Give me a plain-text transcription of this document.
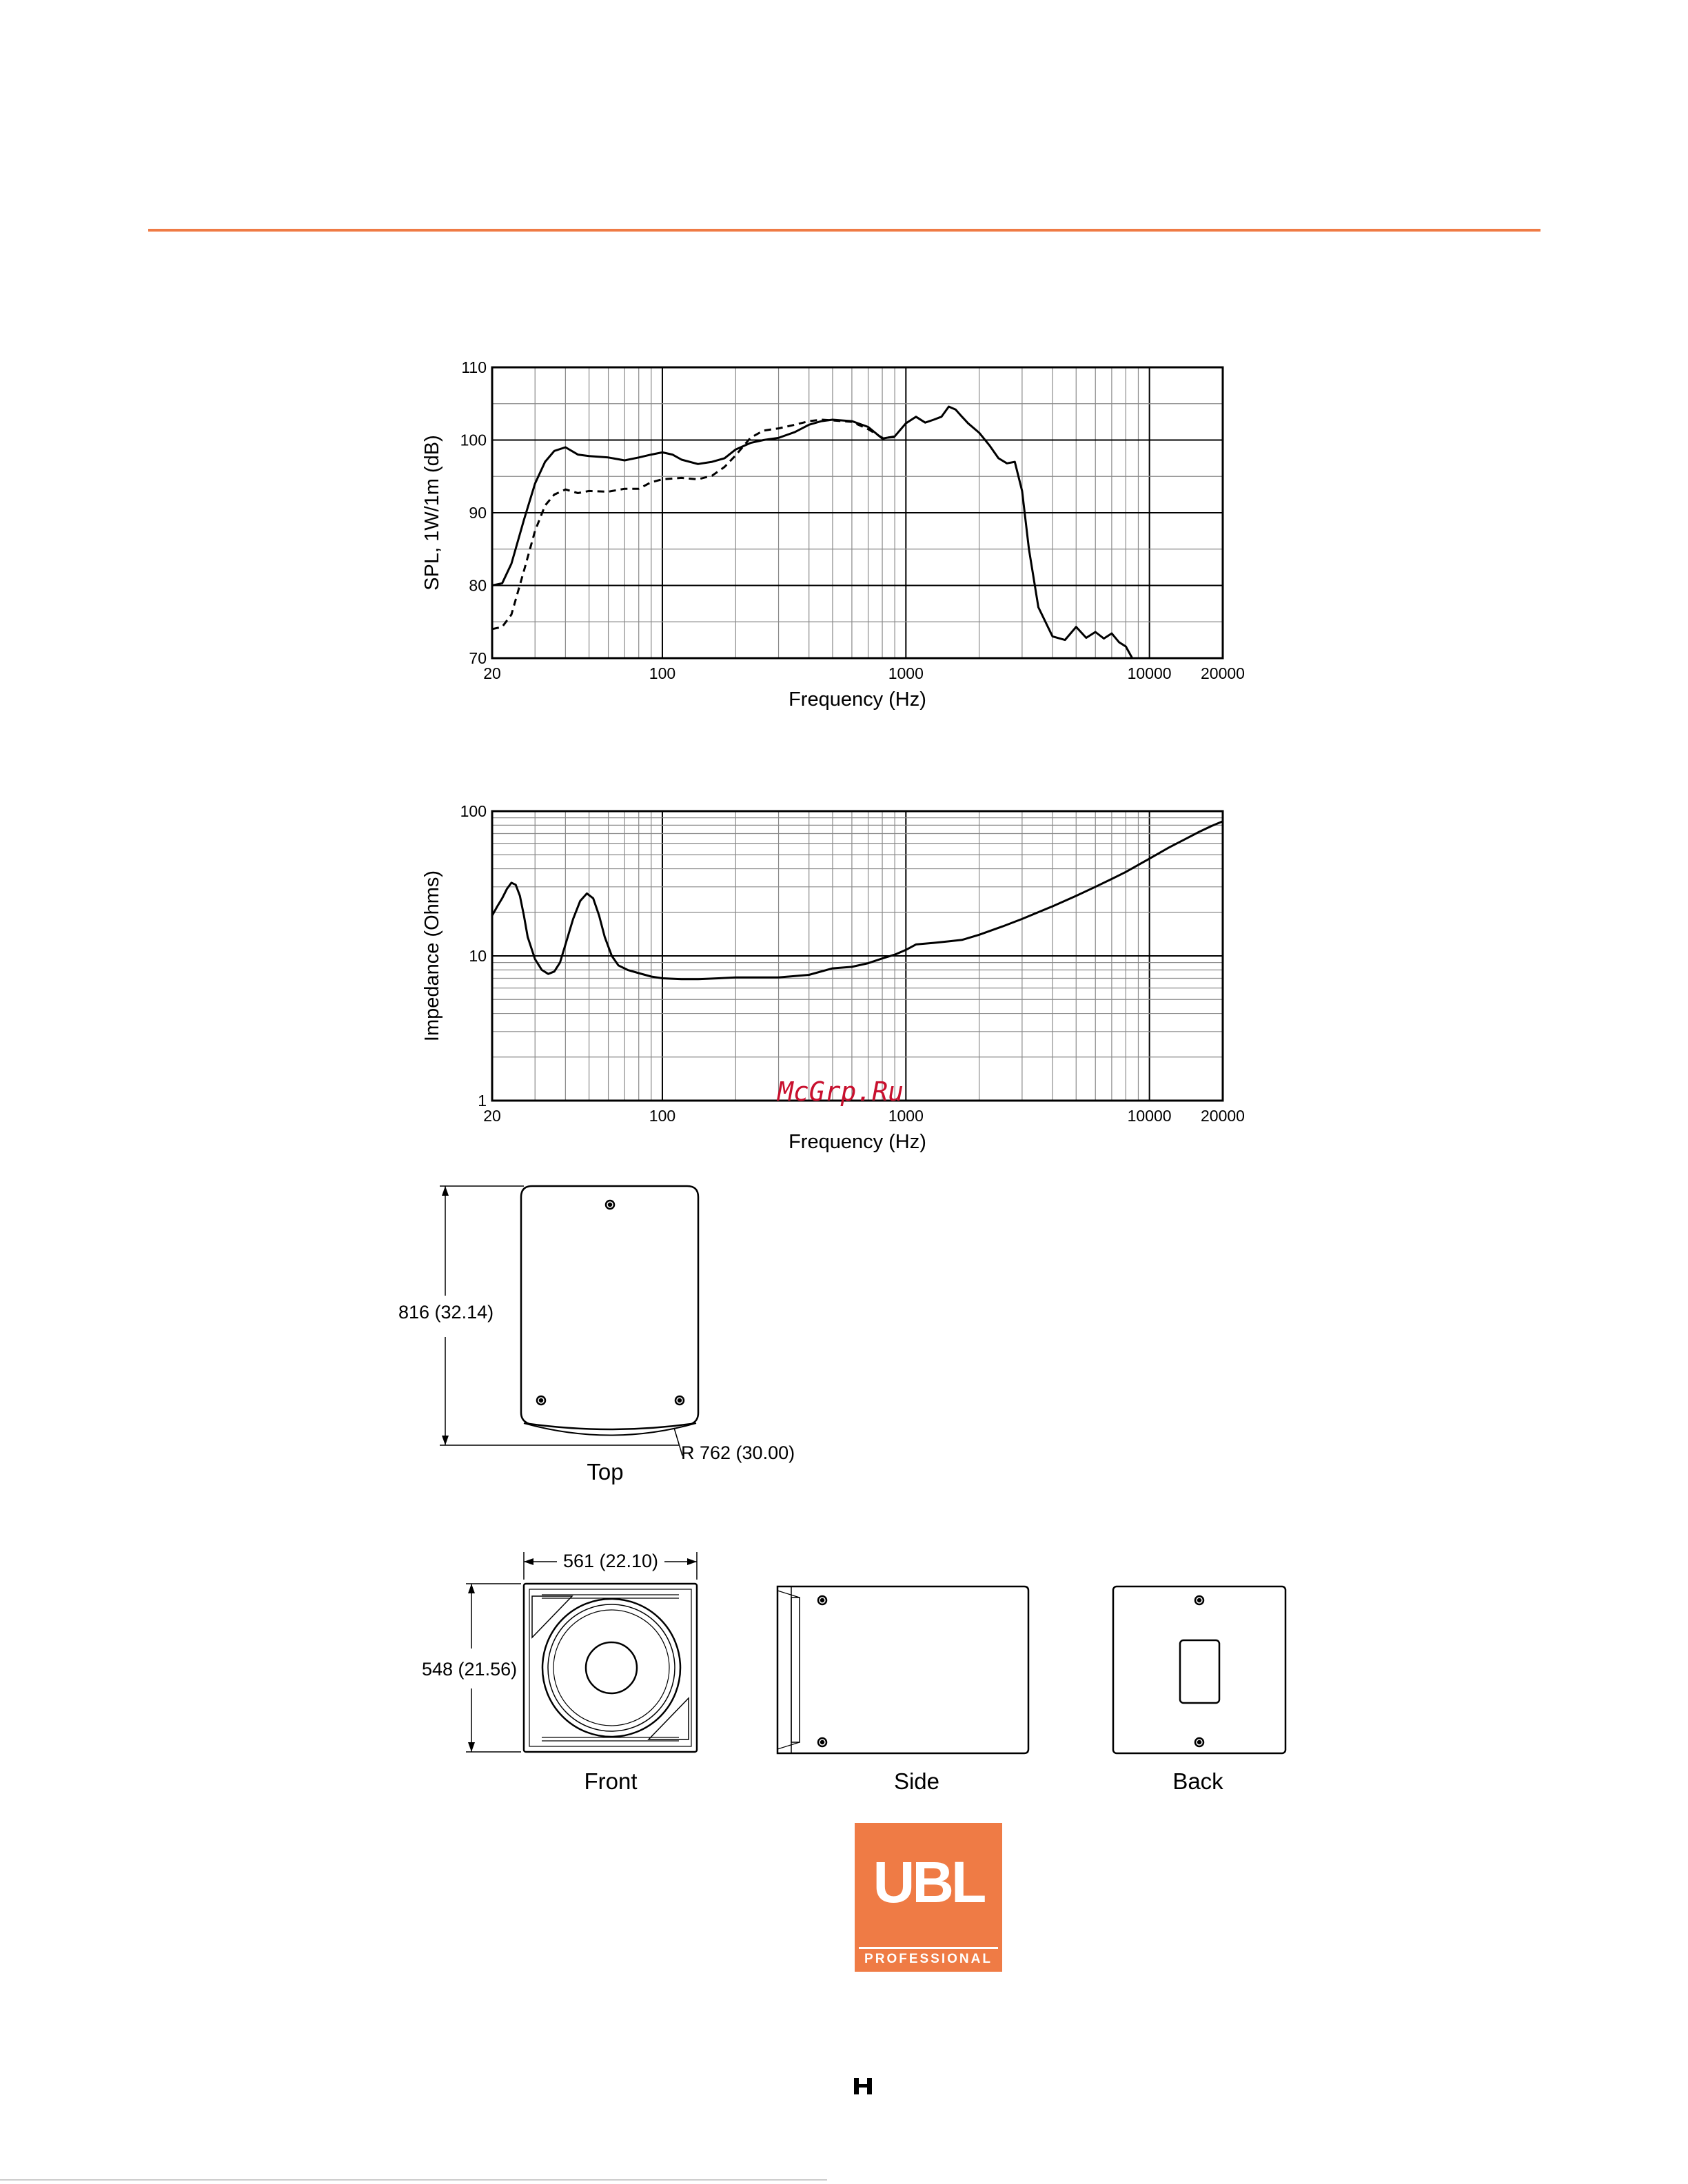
20	100	1000	10000 20000
70
80
90
100
110
Frequency (Hz)
SPL, 1W/1m (dB)
20	100	1000	10000 20000
1
10
100
Frequency (Hz)
Impedance (Ohms)
816 (32.14)
R 762 (30.00)
Top
561 (22.10)
548 (21.56)
Front	Side	Back
McGrp.Ru
UBL
PROFESSIONAL
